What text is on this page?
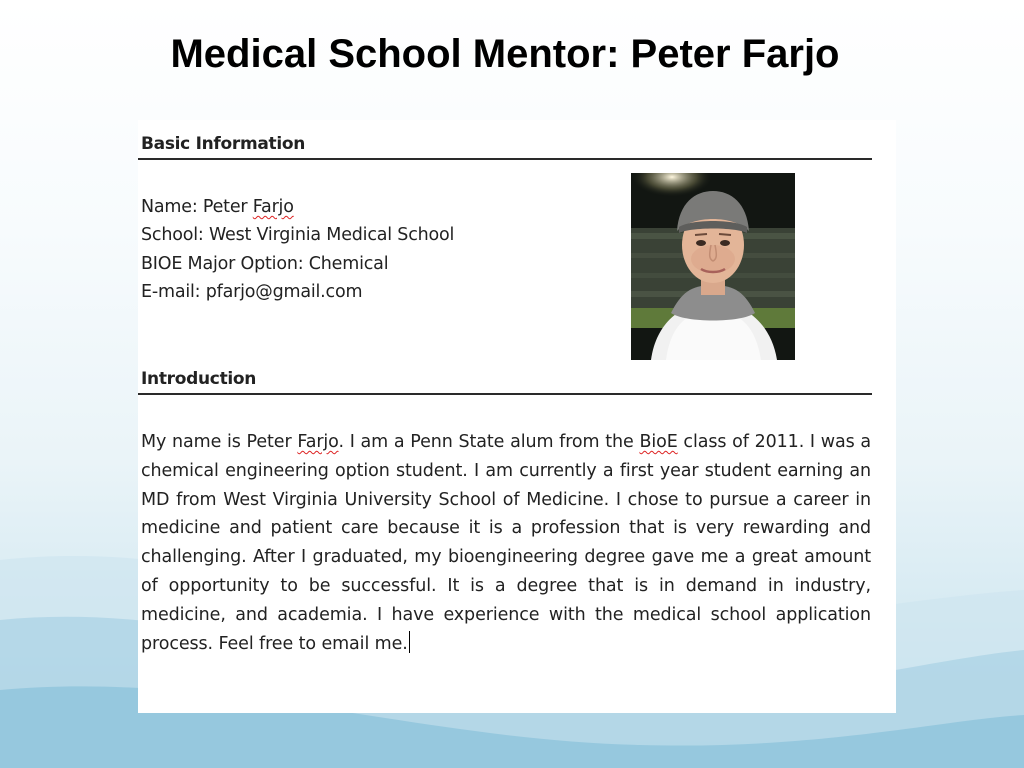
Medical School Mentor: Peter Farjo
Basic Information
Name: Peter Farjo
School: West Virginia Medical School
BIOE Major Option: Chemical
E-mail: pfarjo@gmail.com
Introduction

My name is Peter Farjo. I am a Penn State alum from the BioE class of 2011. I was a chemical engineering option student. I am currently a first year student earning an MD from West Virginia University School of Medicine. I chose to pursue a career in medicine and patient care because it is a profession that is very rewarding and challenging. After I graduated, my bioengineering degree gave me a great amount of opportunity to be successful. It is a degree that is in demand in industry, medicine, and academia. I have experience with the medical school application process. Feel free to email me.
